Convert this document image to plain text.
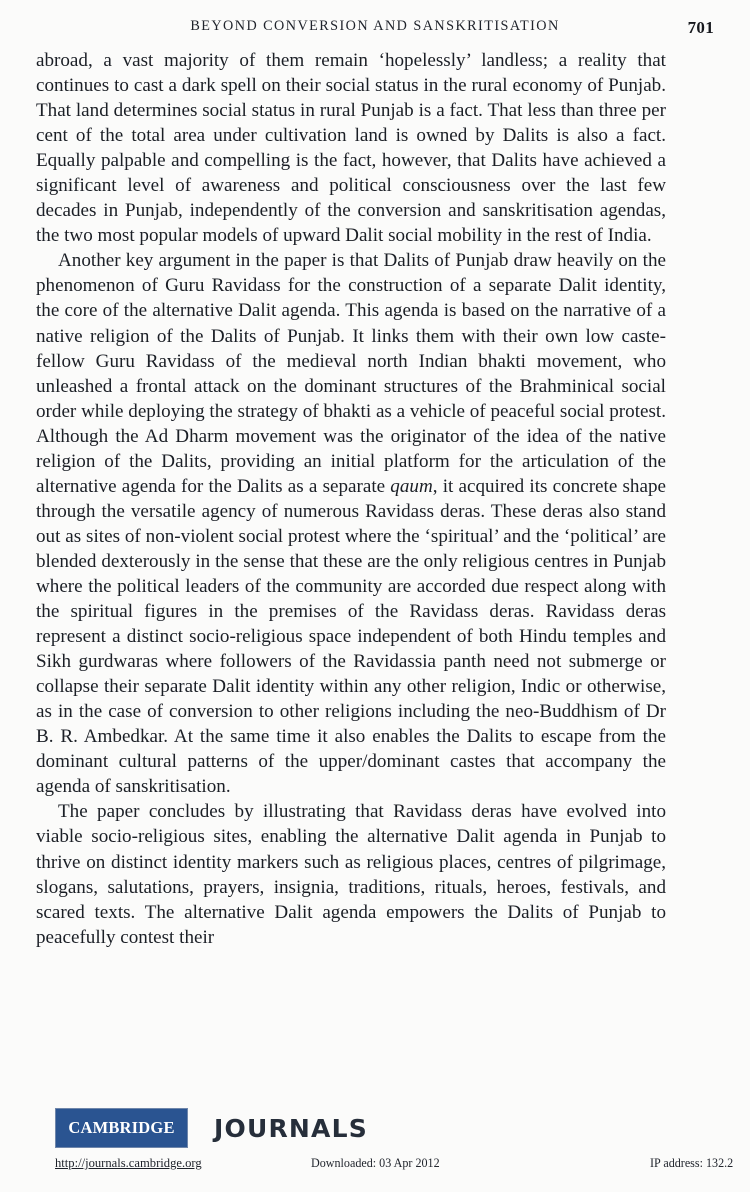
BEYOND CONVERSION AND SANSKRITISATION	701

abroad, a vast majority of them remain ‘hopelessly’ landless; a reality that continues to cast a dark spell on their social status in the rural economy of Punjab. That land determines social status in rural Punjab is a fact. That less than three per cent of the total area under cultivation land is owned by Dalits is also a fact. Equally palpable and compelling is the fact, however, that Dalits have achieved a significant level of awareness and political consciousness over the last few decades in Punjab, independently of the conversion and sanskritisation agendas, the two most popular models of upward Dalit social mobility in the rest of India.

Another key argument in the paper is that Dalits of Punjab draw heavily on the phenomenon of Guru Ravidass for the construction of a separate Dalit identity, the core of the alternative Dalit agenda. This agenda is based on the narrative of a native religion of the Dalits of Punjab. It links them with their own low caste-fellow Guru Ravidass of the medieval north Indian bhakti movement, who unleashed a frontal attack on the dominant structures of the Brahminical social order while deploying the strategy of bhakti as a vehicle of peaceful social protest. Although the Ad Dharm movement was the originator of the idea of the native religion of the Dalits, providing an initial platform for the articulation of the alternative agenda for the Dalits as a separate qaum, it acquired its concrete shape through the versatile agency of numerous Ravidass deras. These deras also stand out as sites of non-violent social protest where the ‘spiritual’ and the ‘political’ are blended dexterously in the sense that these are the only religious centres in Punjab where the political leaders of the community are accorded due respect along with the spiritual figures in the premises of the Ravidass deras. Ravidass deras represent a distinct socio-religious space independent of both Hindu temples and Sikh gurdwaras where followers of the Ravidassia panth need not submerge or collapse their separate Dalit identity within any other religion, Indic or otherwise, as in the case of conversion to other religions including the neo-Buddhism of Dr B. R. Ambedkar. At the same time it also enables the Dalits to escape from the dominant cultural patterns of the upper/dominant castes that accompany the agenda of sanskritisation.

The paper concludes by illustrating that Ravidass deras have evolved into viable socio-religious sites, enabling the alternative Dalit agenda in Punjab to thrive on distinct identity markers such as religious places, centres of pilgrimage, slogans, salutations, prayers, insignia, traditions, rituals, heroes, festivals, and scared texts. The alternative Dalit agenda empowers the Dalits of Punjab to peacefully contest their

CAMBRIDGE JOURNALS
http://journals.cambridge.org	Downloaded: 03 Apr 2012	IP address: 132.2
